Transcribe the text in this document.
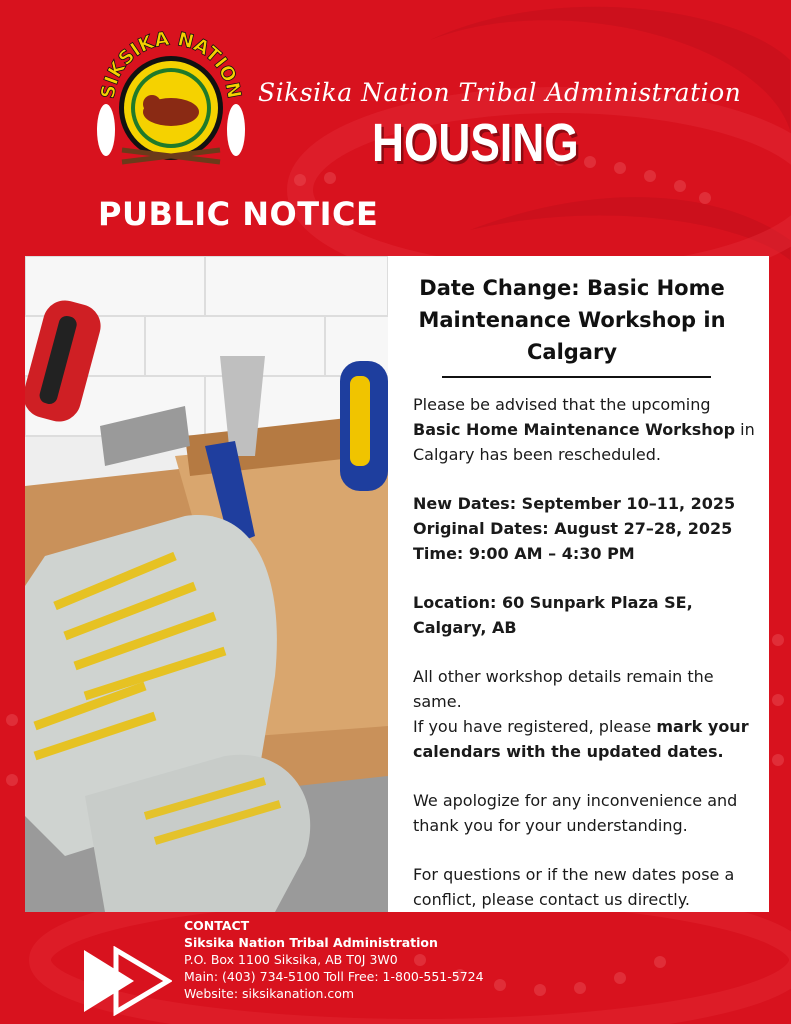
SIKSIKA NATION Siksika Nation Tribal Administration
HOUSING
PUBLIC NOTICE
Date Change: Basic Home Maintenance Workshop in Calgary

Please be advised that the upcoming Basic Home Maintenance Workshop in Calgary has been rescheduled.

New Dates: September 10–11, 2025
Original Dates: August 27–28, 2025
Time: 9:00 AM – 4:30 PM

Location: 60 Sunpark Plaza SE, Calgary, AB

All other workshop details remain the same.
If you have registered, please mark your calendars with the updated dates.

We apologize for any inconvenience and thank you for your understanding.

For questions or if the new dates pose a conflict, please contact us directly.

CONTACT
Siksika Nation Tribal Administration
P.O. Box 1100 Siksika, AB T0J 3W0
Main: (403) 734-5100 Toll Free: 1-800-551-5724
Website: siksikanation.com
